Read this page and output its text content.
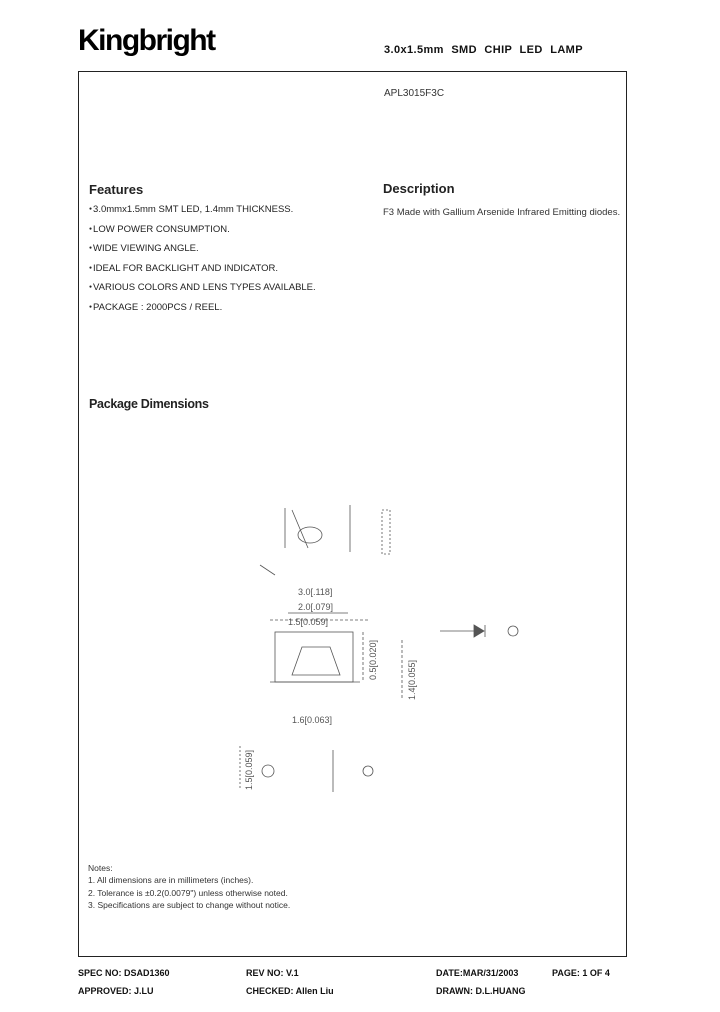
Kingbright	3.0x1.5mm SMD CHIP LED LAMP
APL3015F3C
Features
● 3.0mmx1.5mm SMT LED, 1.4mm THICKNESS.
● LOW POWER CONSUMPTION.
● WIDE VIEWING ANGLE.
● IDEAL FOR BACKLIGHT AND INDICATOR.
● VARIOUS COLORS AND LENS TYPES AVAILABLE.
● PACKAGE : 2000PCS / REEL.
Description
F3 Made with Gallium Arsenide Infrared Emitting diodes.
Package Dimensions
3.0[.118]
2.0[.079]
1.5[0.059]
1.6[0.063]
0.5[0.020]	1.4[0.055]
1.5[0.059]
Notes:
1. All dimensions are in millimeters (inches).
2. Tolerance is ±0.2(0.0079") unless otherwise noted.
3. Specifications are subject to change without notice.
SPEC NO: DSAD1360	REV NO: V.1	DATE:MAR/31/2003	PAGE: 1 OF 4
APPROVED: J.LU	CHECKED: Allen Liu	DRAWN: D.L.HUANG
